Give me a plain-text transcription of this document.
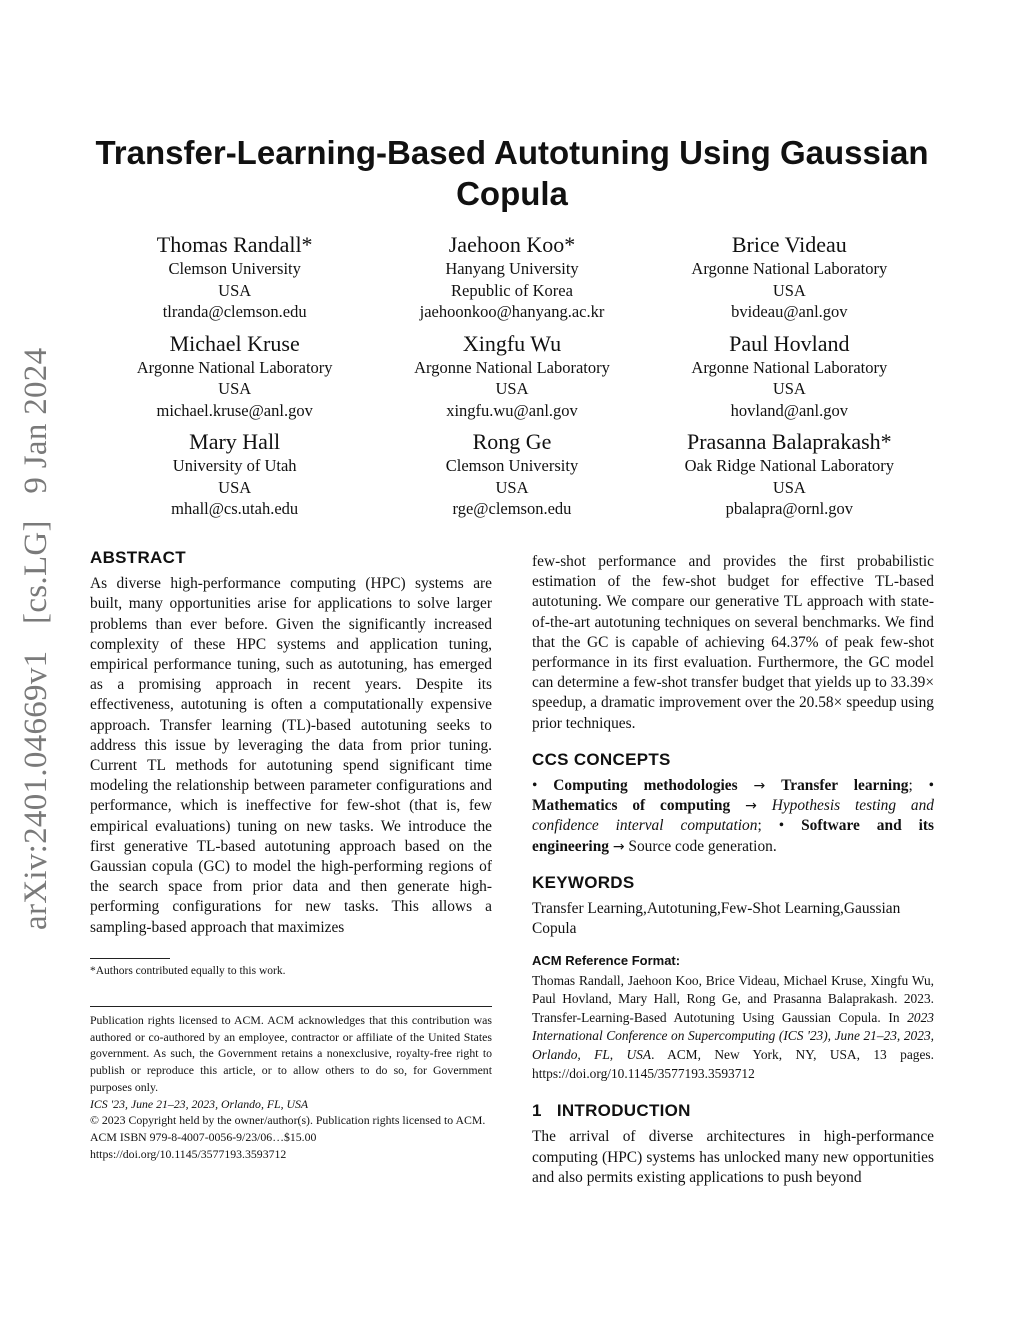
arXiv:2401.04669v1 [cs.LG] 9 Jan 2024
Transfer-Learning-Based Autotuning Using Gaussian Copula
Thomas Randall*
Clemson University
USA
tlranda@clemson.edu
Jaehoon Koo*
Hanyang University
Republic of Korea
jaehoonkoo@hanyang.ac.kr
Brice Videau
Argonne National Laboratory
USA
bvideau@anl.gov
Michael Kruse
Argonne National Laboratory
USA
michael.kruse@anl.gov
Xingfu Wu
Argonne National Laboratory
USA
xingfu.wu@anl.gov
Paul Hovland
Argonne National Laboratory
USA
hovland@anl.gov
Mary Hall
University of Utah
USA
mhall@cs.utah.edu
Rong Ge
Clemson University
USA
rge@clemson.edu
Prasanna Balaprakash*
Oak Ridge National Laboratory
USA
pbalapra@ornl.gov
ABSTRACT

As diverse high-performance computing (HPC) systems are built, many opportunities arise for applications to solve larger problems than ever before. Given the significantly increased complexity of these HPC systems and application tuning, empirical performance tuning, such as autotuning, has emerged as a promising approach in recent years. Despite its effectiveness, autotuning is often a computationally expensive approach. Transfer learning (TL)-based autotuning seeks to address this issue by leveraging the data from prior tuning. Current TL methods for autotuning spend significant time modeling the relationship between parameter configurations and performance, which is ineffective for few-shot (that is, few empirical evaluations) tuning on new tasks. We introduce the first generative TL-based autotuning approach based on the Gaussian copula (GC) to model the high-performing regions of the search space from prior data and then generate high-performing configurations for new tasks. This allows a sampling-based approach that maximizes

*Authors contributed equally to this work.
Publication rights licensed to ACM. ACM acknowledges that this contribution was authored or co-authored by an employee, contractor or affiliate of the United States government. As such, the Government retains a nonexclusive, royalty-free right to publish or reproduce this article, or to allow others to do so, for Government purposes only.
ICS '23, June 21–23, 2023, Orlando, FL, USA
© 2023 Copyright held by the owner/author(s). Publication rights licensed to ACM.
ACM ISBN 979-8-4007-0056-9/23/06…$15.00
https://doi.org/10.1145/3577193.3593712

few-shot performance and provides the first probabilistic estimation of the few-shot budget for effective TL-based autotuning. We compare our generative TL approach with state-of-the-art autotuning techniques on several benchmarks. We find that the GC is capable of achieving 64.37% of peak few-shot performance in its first evaluation. Furthermore, the GC model can determine a few-shot transfer budget that yields up to 33.39× speedup, a dramatic improvement over the 20.58× speedup using prior techniques.

CCS CONCEPTS

• Computing methodologies → Transfer learning; • Mathematics of computing → Hypothesis testing and confidence interval computation; • Software and its engineering → Source code generation.

KEYWORDS

Transfer Learning,Autotuning,Few-Shot Learning,Gaussian Copula

ACM Reference Format:
Thomas Randall, Jaehoon Koo, Brice Videau, Michael Kruse, Xingfu Wu, Paul Hovland, Mary Hall, Rong Ge, and Prasanna Balaprakash. 2023. Transfer-Learning-Based Autotuning Using Gaussian Copula. In 2023 International Conference on Supercomputing (ICS '23), June 21–23, 2023, Orlando, FL, USA. ACM, New York, NY, USA, 13 pages. https://doi.org/10.1145/3577193.3593712
1   INTRODUCTION

The arrival of diverse architectures in high-performance computing (HPC) systems has unlocked many new opportunities and also permits existing applications to push beyond
